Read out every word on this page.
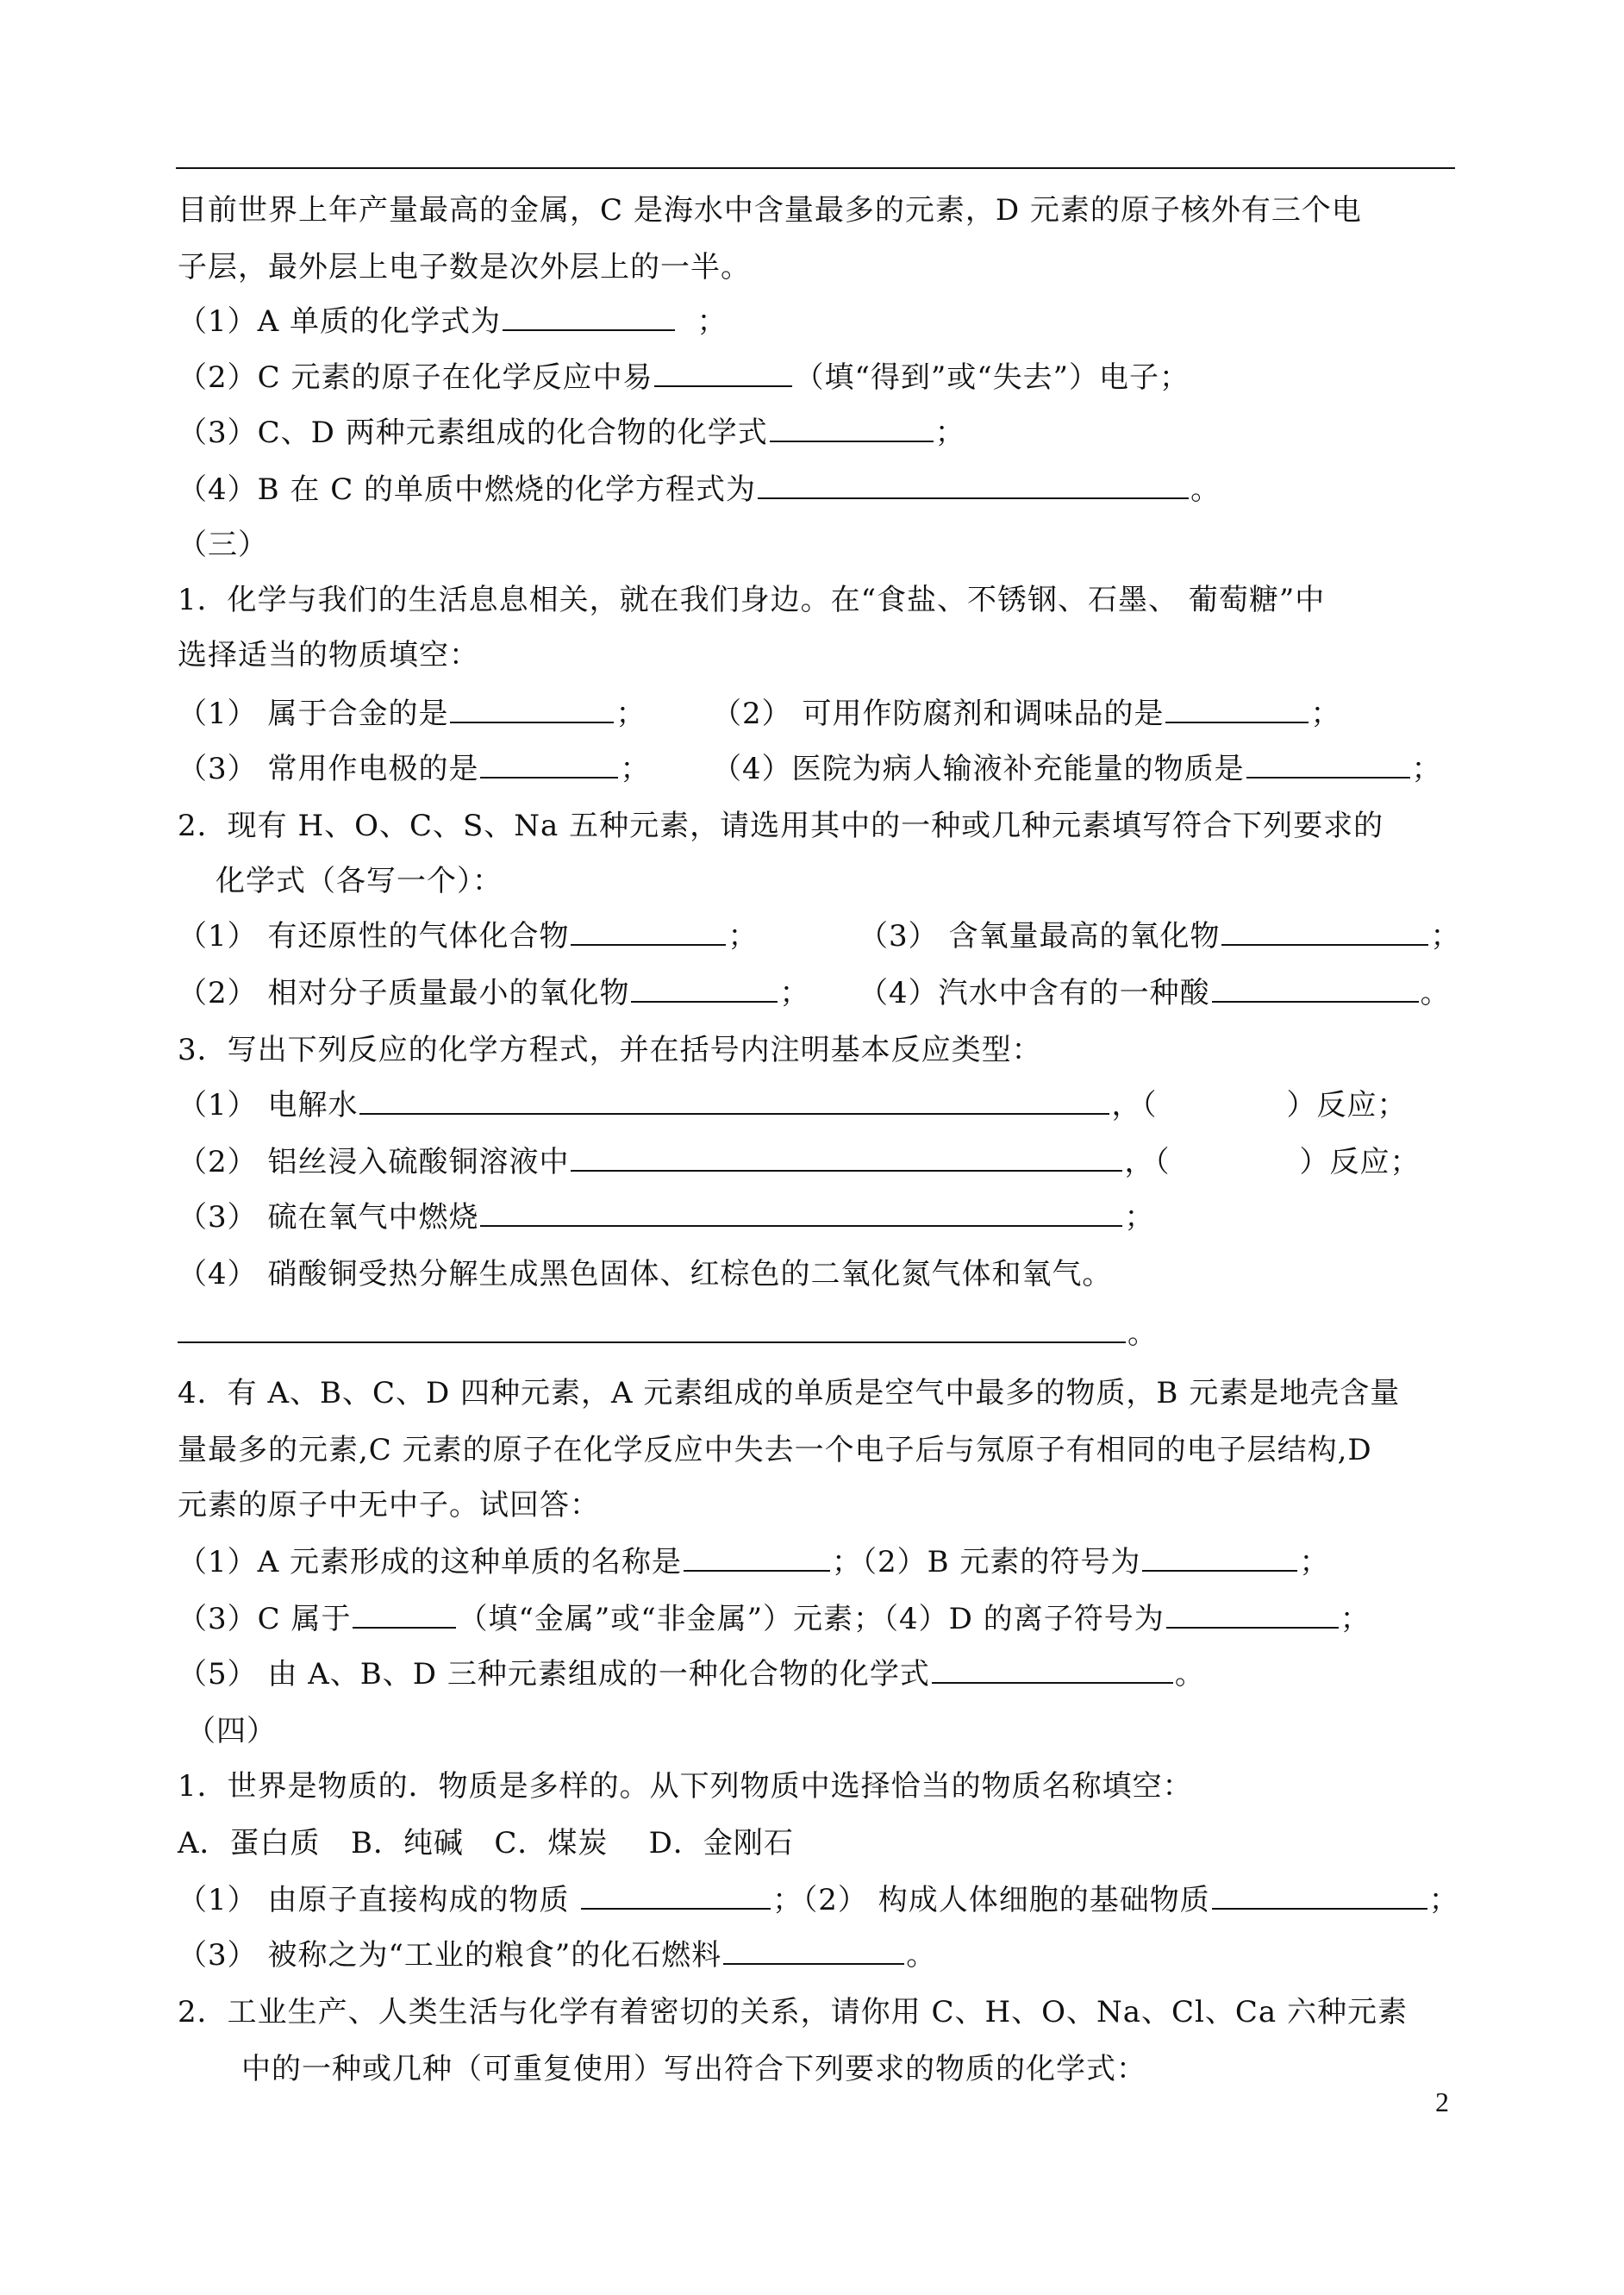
目前世界上年产量最高的金属，C 是海水中含量最多的元素，D 元素的原子核外有三个电
子层，最外层上电子数是次外层上的一半。
（1）A 单质的化学式为	；
（2）C 元素的原子在化学反应中易	（填“得到”或“失去”）电子；
（3）C、D 两种元素组成的化合物的化学式	；
（4）B 在 C 的单质中燃烧的化学方程式为	。
（三）
1．化学与我们的生活息息相关，就在我们身边。在“食盐、不锈钢、石墨、 葡萄糖”中
选择适当的物质填空：
（1） 属于合金的是	； （2） 可用作防腐剂和调味品的是	；
（3） 常用作电极的是	； （4）医院为病人输液补充能量的物质是	；
2．现有 H、O、C、S、Na 五种元素，请选用其中的一种或几种元素填写符合下列要求的
化学式（各写一个）：
（1） 有还原性的气体化合物	；	（3） 含氧量最高的氧化物	；
（2） 相对分子质量最小的氧化物	； （4）汽水中含有的一种酸	。
3．写出下列反应的化学方程式，并在括号内注明基本反应类型：
（1） 电解水	，（	）反应；
（2） 铝丝浸入硫酸铜溶液中	，（	）反应；
（3） 硫在氧气中燃烧	；
（4） 硝酸铜受热分解生成黑色固体、红棕色的二氧化氮气体和氧气。
。
4．有 A、B、C、D 四种元素，A 元素组成的单质是空气中最多的物质，B 元素是地壳含量
量最多的元素,C 元素的原子在化学反应中失去一个电子后与氖原子有相同的电子层结构,D
元素的原子中无中子。试回答：
（1）A 元素形成的这种单质的名称是	；（2）B 元素的符号为	；
（3）C 属于	（填“金属”或“非金属”）元素；（4）D 的离子符号为	；
（5） 由 A、B、D 三种元素组成的一种化合物的化学式	。
（四）
1．世界是物质的．物质是多样的。从下列物质中选择恰当的物质名称填空：
A．蛋白质   B．纯碱   C．煤炭    D．金刚石
（1） 由原子直接构成的物质	；（2） 构成人体细胞的基础物质	；
（3） 被称之为“工业的粮食”的化石燃料	。
2．工业生产、人类生活与化学有着密切的关系，请你用 C、H、O、Na、Cl、Ca 六种元素
中的一种或几种（可重复使用）写出符合下列要求的物质的化学式：
2
